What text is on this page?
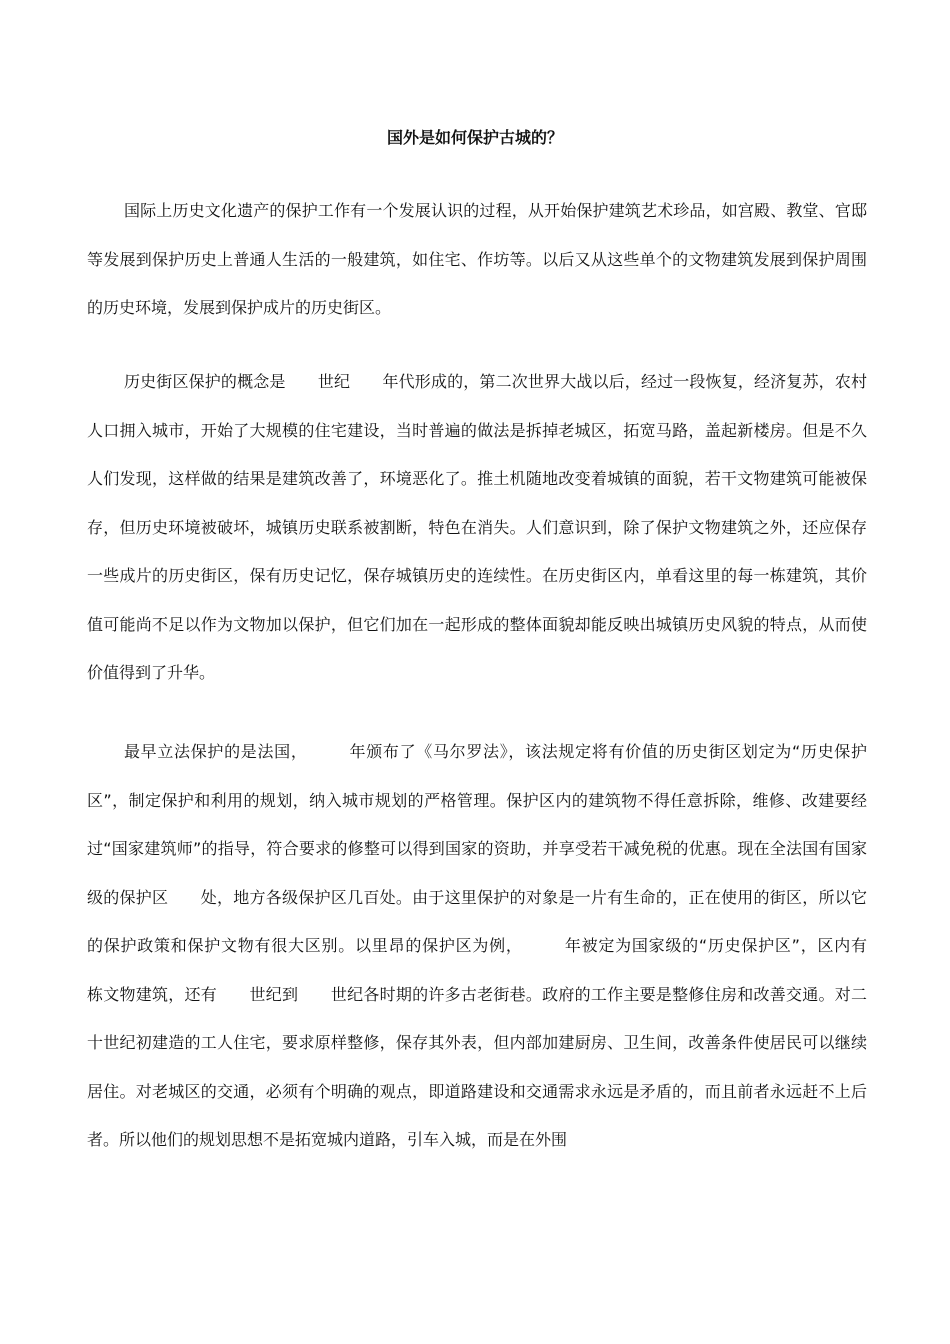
国外是如何保护古城的？

国际上历史文化遗产的保护工作有一个发展认识的过程，从开始保护建筑艺术珍品，如宫殿、教堂、官邸等发展到保护历史上普通人生活的一般建筑，如住宅、作坊等。以后又从这些单个的文物建筑发展到保护周围的历史环境，发展到保护成片的历史街区。

历史街区保护的概念是　　世纪　　年代形成的，第二次世界大战以后，经过一段恢复，经济复苏，农村人口拥入城市，开始了大规模的住宅建设，当时普遍的做法是拆掉老城区，拓宽马路，盖起新楼房。但是不久人们发现，这样做的结果是建筑改善了，环境恶化了。推土机随地改变着城镇的面貌，若干文物建筑可能被保存，但历史环境被破坏，城镇历史联系被割断，特色在消失。人们意识到，除了保护文物建筑之外，还应保存一些成片的历史街区，保有历史记忆，保存城镇历史的连续性。在历史街区内，单看这里的每一栋建筑，其价值可能尚不足以作为文物加以保护，但它们加在一起形成的整体面貌却能反映出城镇历史风貌的特点，从而使价值得到了升华。

最早立法保护的是法国，　　　年颁布了《马尔罗法》，该法规定将有价值的历史街区划定为“历史保护区”，制定保护和利用的规划，纳入城市规划的严格管理。保护区内的建筑物不得任意拆除，维修、改建要经过“国家建筑师”的指导，符合要求的修整可以得到国家的资助，并享受若干减免税的优惠。现在全法国有国家级的保护区　　处，地方各级保护区几百处。由于这里保护的对象是一片有生命的，正在使用的街区，所以它的保护政策和保护文物有很大区别。以里昂的保护区为例，　　　年被定为国家级的“历史保护区”，区内有　　栋文物建筑，还有　　世纪到　　世纪各时期的许多古老街巷。政府的工作主要是整修住房和改善交通。对二十世纪初建造的工人住宅，要求原样整修，保存其外表，但内部加建厨房、卫生间，改善条件使居民可以继续居住。对老城区的交通，必须有个明确的观点，即道路建设和交通需求永远是矛盾的，而且前者永远赶不上后者。所以他们的规划思想不是拓宽城内道路，引车入城，而是在外围
